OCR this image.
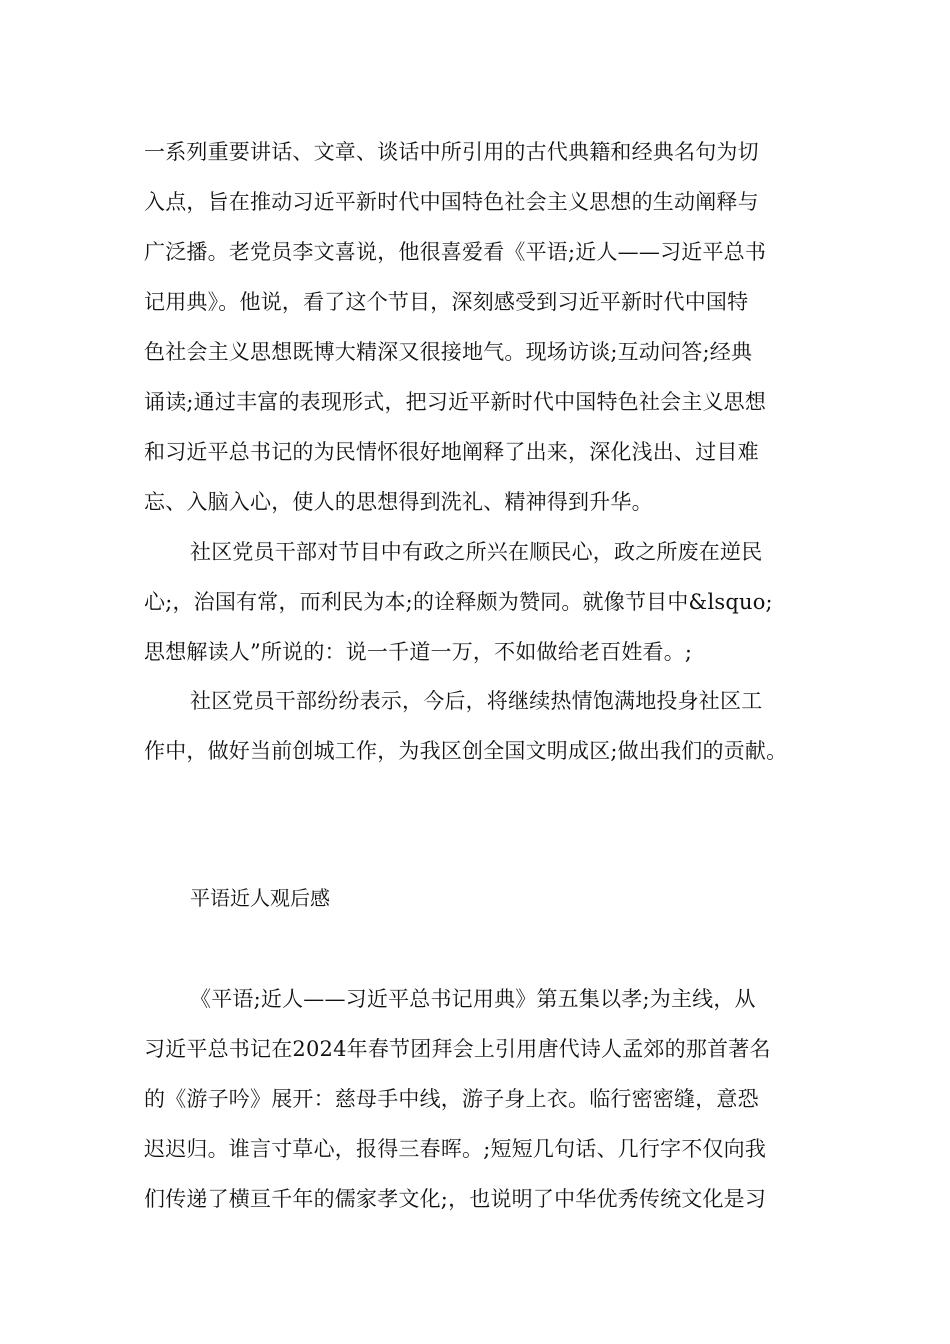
一系列重要讲话、文章、谈话中所引用的古代典籍和经典名句为切
入点，旨在推动习近平新时代中国特色社会主义思想的生动阐释与
广泛播。老党员李文喜说，他很喜爱看《平语;近人——习近平总书
记用典》。他说，看了这个节目，深刻感受到习近平新时代中国特
色社会主义思想既博大精深又很接地气。现场访谈;互动问答;经典
诵读;通过丰富的表现形式，把习近平新时代中国特色社会主义思想
和习近平总书记的为民情怀很好地阐释了出来，深化浅出、过目难
忘、入脑入心，使人的思想得到洗礼、精神得到升华。
社区党员干部对节目中有政之所兴在顺民心，政之所废在逆民
心;，治国有常，而利民为本;的诠释颇为赞同。就像节目中&lsquo;
思想解读人”所说的：说一千道一万，不如做给老百姓看。;
社区党员干部纷纷表示，今后，将继续热情饱满地投身社区工
作中，做好当前创城工作，为我区创全国文明成区;做出我们的贡献。
平语近人观后感
《平语;近人——习近平总书记用典》第五集以孝;为主线，从
习近平总书记在2024年春节团拜会上引用唐代诗人孟郊的那首著名
的《游子吟》展开：慈母手中线，游子身上衣。临行密密缝，意恐
迟迟归。谁言寸草心，报得三春晖。;短短几句话、几行字不仅向我
们传递了横亘千年的儒家孝文化;，也说明了中华优秀传统文化是习
